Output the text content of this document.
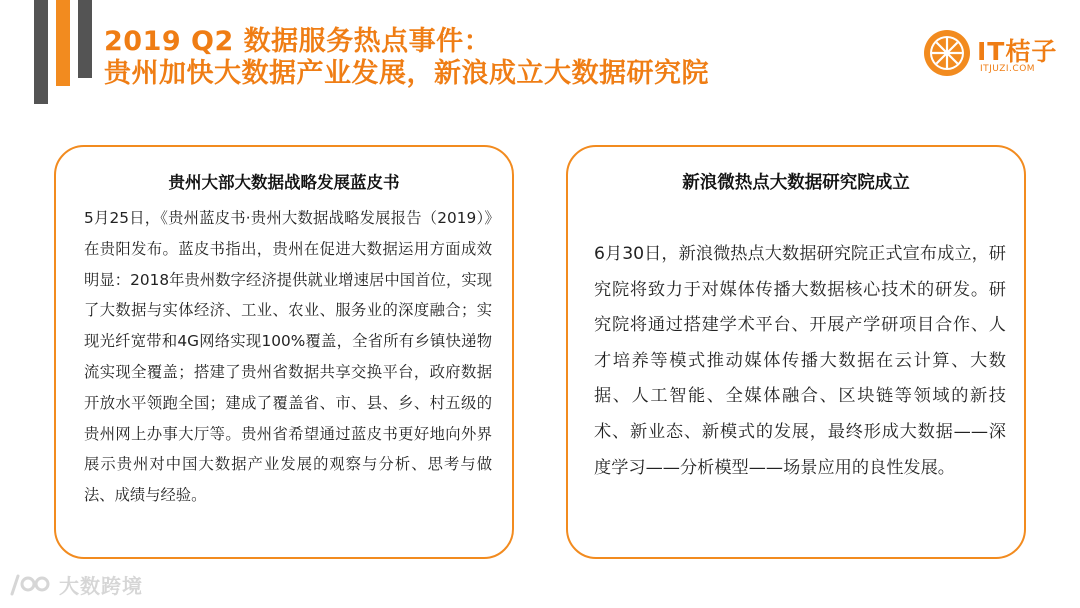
2019 Q2 数据服务热点事件：
贵州加快大数据产业发展，新浪成立大数据研究院
IT桔子
ITJUZI.COM
贵州大部大数据战略发展蓝皮书
5月25日，《贵州蓝皮书·贵州大数据战略发展报告（2019）》在贵阳发布。蓝皮书指出，贵州在促进大数据运用方面成效明显：2018年贵州数字经济提供就业增速居中国首位，实现了大数据与实体经济、工业、农业、服务业的深度融合；实现光纤宽带和4G网络实现100%覆盖，全省所有乡镇快递物流实现全覆盖；搭建了贵州省数据共享交换平台，政府数据开放水平领跑全国；建成了覆盖省、市、县、乡、村五级的贵州网上办事大厅等。贵州省希望通过蓝皮书更好地向外界展示贵州对中国大数据产业发展的观察与分析、思考与做法、成绩与经验。
新浪微热点大数据研究院成立
6月30日，新浪微热点大数据研究院正式宣布成立，研究院将致力于对媒体传播大数据核心技术的研发。研究院将通过搭建学术平台、开展产学研项目合作、人才培养等模式推动媒体传播大数据在云计算、大数据、人工智能、全媒体融合、区块链等领域的新技术、新业态、新模式的发展，最终形成大数据——深度学习——分析模型——场景应用的良性发展。
大数跨境
